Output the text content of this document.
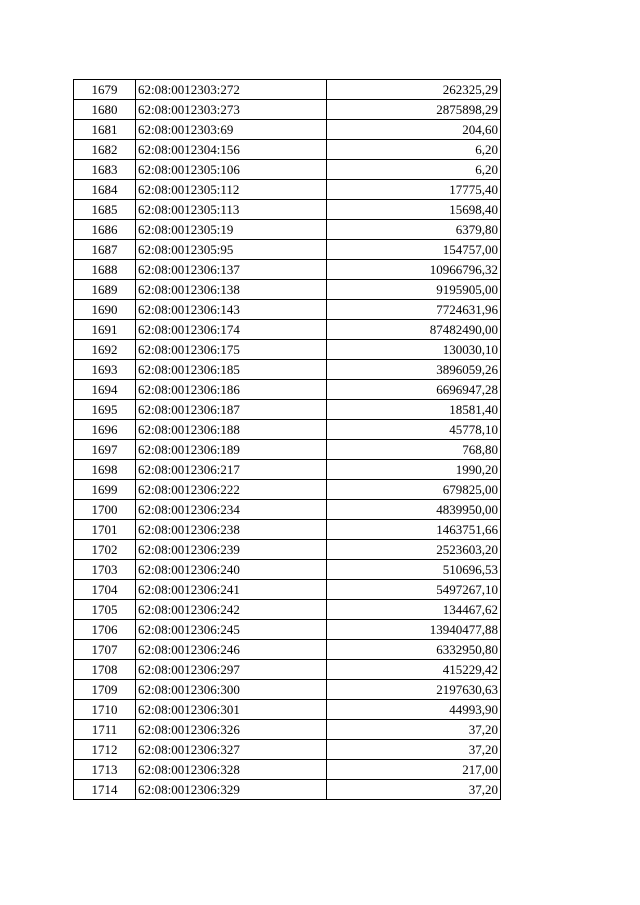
1679	62:08:0012303:272	262325,29
1680	62:08:0012303:273	2875898,29
1681	62:08:0012303:69	204,60
1682	62:08:0012304:156	6,20
1683	62:08:0012305:106	6,20
1684	62:08:0012305:112	17775,40
1685	62:08:0012305:113	15698,40
1686	62:08:0012305:19	6379,80
1687	62:08:0012305:95	154757,00
1688	62:08:0012306:137	10966796,32
1689	62:08:0012306:138	9195905,00
1690	62:08:0012306:143	7724631,96
1691	62:08:0012306:174	87482490,00
1692	62:08:0012306:175	130030,10
1693	62:08:0012306:185	3896059,26
1694	62:08:0012306:186	6696947,28
1695	62:08:0012306:187	18581,40
1696	62:08:0012306:188	45778,10
1697	62:08:0012306:189	768,80
1698	62:08:0012306:217	1990,20
1699	62:08:0012306:222	679825,00
1700	62:08:0012306:234	4839950,00
1701	62:08:0012306:238	1463751,66
1702	62:08:0012306:239	2523603,20
1703	62:08:0012306:240	510696,53
1704	62:08:0012306:241	5497267,10
1705	62:08:0012306:242	134467,62
1706	62:08:0012306:245	13940477,88
1707	62:08:0012306:246	6332950,80
1708	62:08:0012306:297	415229,42
1709	62:08:0012306:300	2197630,63
1710	62:08:0012306:301	44993,90
1711	62:08:0012306:326	37,20
1712	62:08:0012306:327	37,20
1713	62:08:0012306:328	217,00
1714	62:08:0012306:329	37,20
